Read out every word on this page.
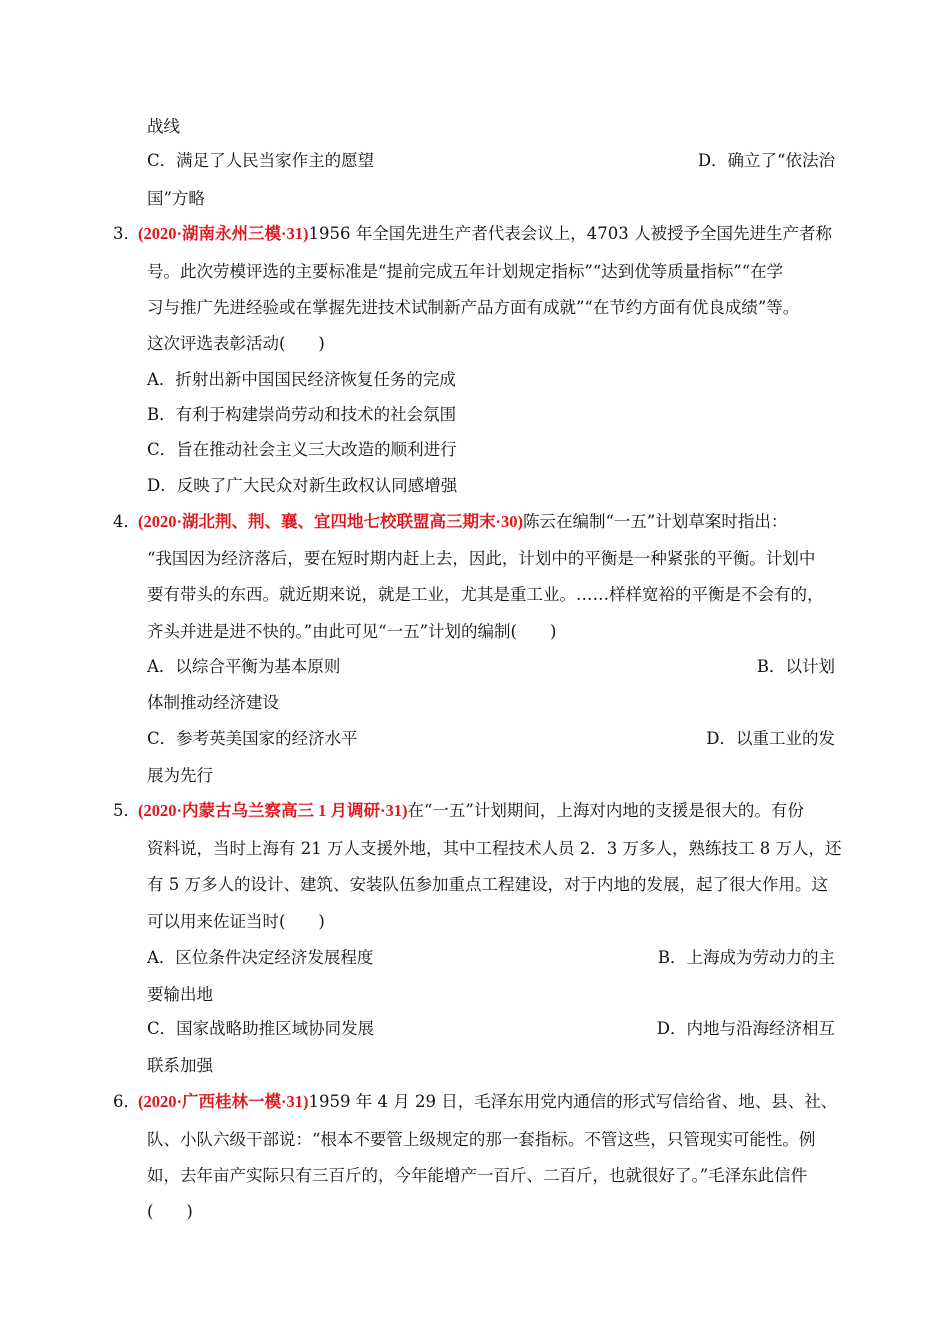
战线
C．满足了人民当家作主的愿望	D．确立了“依法治
国”方略
3．
(2020·湖南永州三模·31)1956 年全国先进生产者代表会议上，4703 人被授予全国先进生产者称
号。此次劳模评选的主要标准是“提前完成五年计划规定指标”“达到优等质量指标”“在学
习与推广先进经验或在掌握先进技术试制新产品方面有成就”“在节约方面有优良成绩”等。
这次评选表彰活动(　　)
A．折射出新中国国民经济恢复任务的完成
B．有利于构建崇尚劳动和技术的社会氛围
C．旨在推动社会主义三大改造的顺利进行
D．反映了广大民众对新生政权认同感增强
4．
(2020·湖北荆、荆、襄、宜四地七校联盟高三期末·30)陈云在编制“一五”计划草案时指出：
“我国因为经济落后，要在短时期内赶上去，因此，计划中的平衡是一种紧张的平衡。计划中
要有带头的东西。就近期来说，就是工业，尤其是重工业。……样样宽裕的平衡是不会有的，
齐头并进是进不快的。”由此可见“一五”计划的编制(　　)
A．以综合平衡为基本原则	B．以计划
体制推动经济建设
C．参考英美国家的经济水平	D．以重工业的发
展为先行
5．
(2020·内蒙古乌兰察高三 1 月调研·31)在“一五”计划期间，上海对内地的支援是很大的。有份
资料说，当时上海有 21 万人支援外地，其中工程技术人员 2．3 万多人，熟练技工 8 万人，还
有 5 万多人的设计、建筑、安装队伍参加重点工程建设，对于内地的发展，起了很大作用。这
可以用来佐证当时(　　)
A．区位条件决定经济发展程度	B．上海成为劳动力的主
要输出地
C．国家战略助推区域协同发展	D．内地与沿海经济相互
联系加强
6．
(2020·广西桂林一模·31)1959 年 4 月 29 日，毛泽东用党内通信的形式写信给省、地、县、社、
队、小队六级干部说：“根本不要管上级规定的那一套指标。不管这些，只管现实可能性。例
如，去年亩产实际只有三百斤的，今年能增产一百斤、二百斤，也就很好了。”毛泽东此信件
(　　)
